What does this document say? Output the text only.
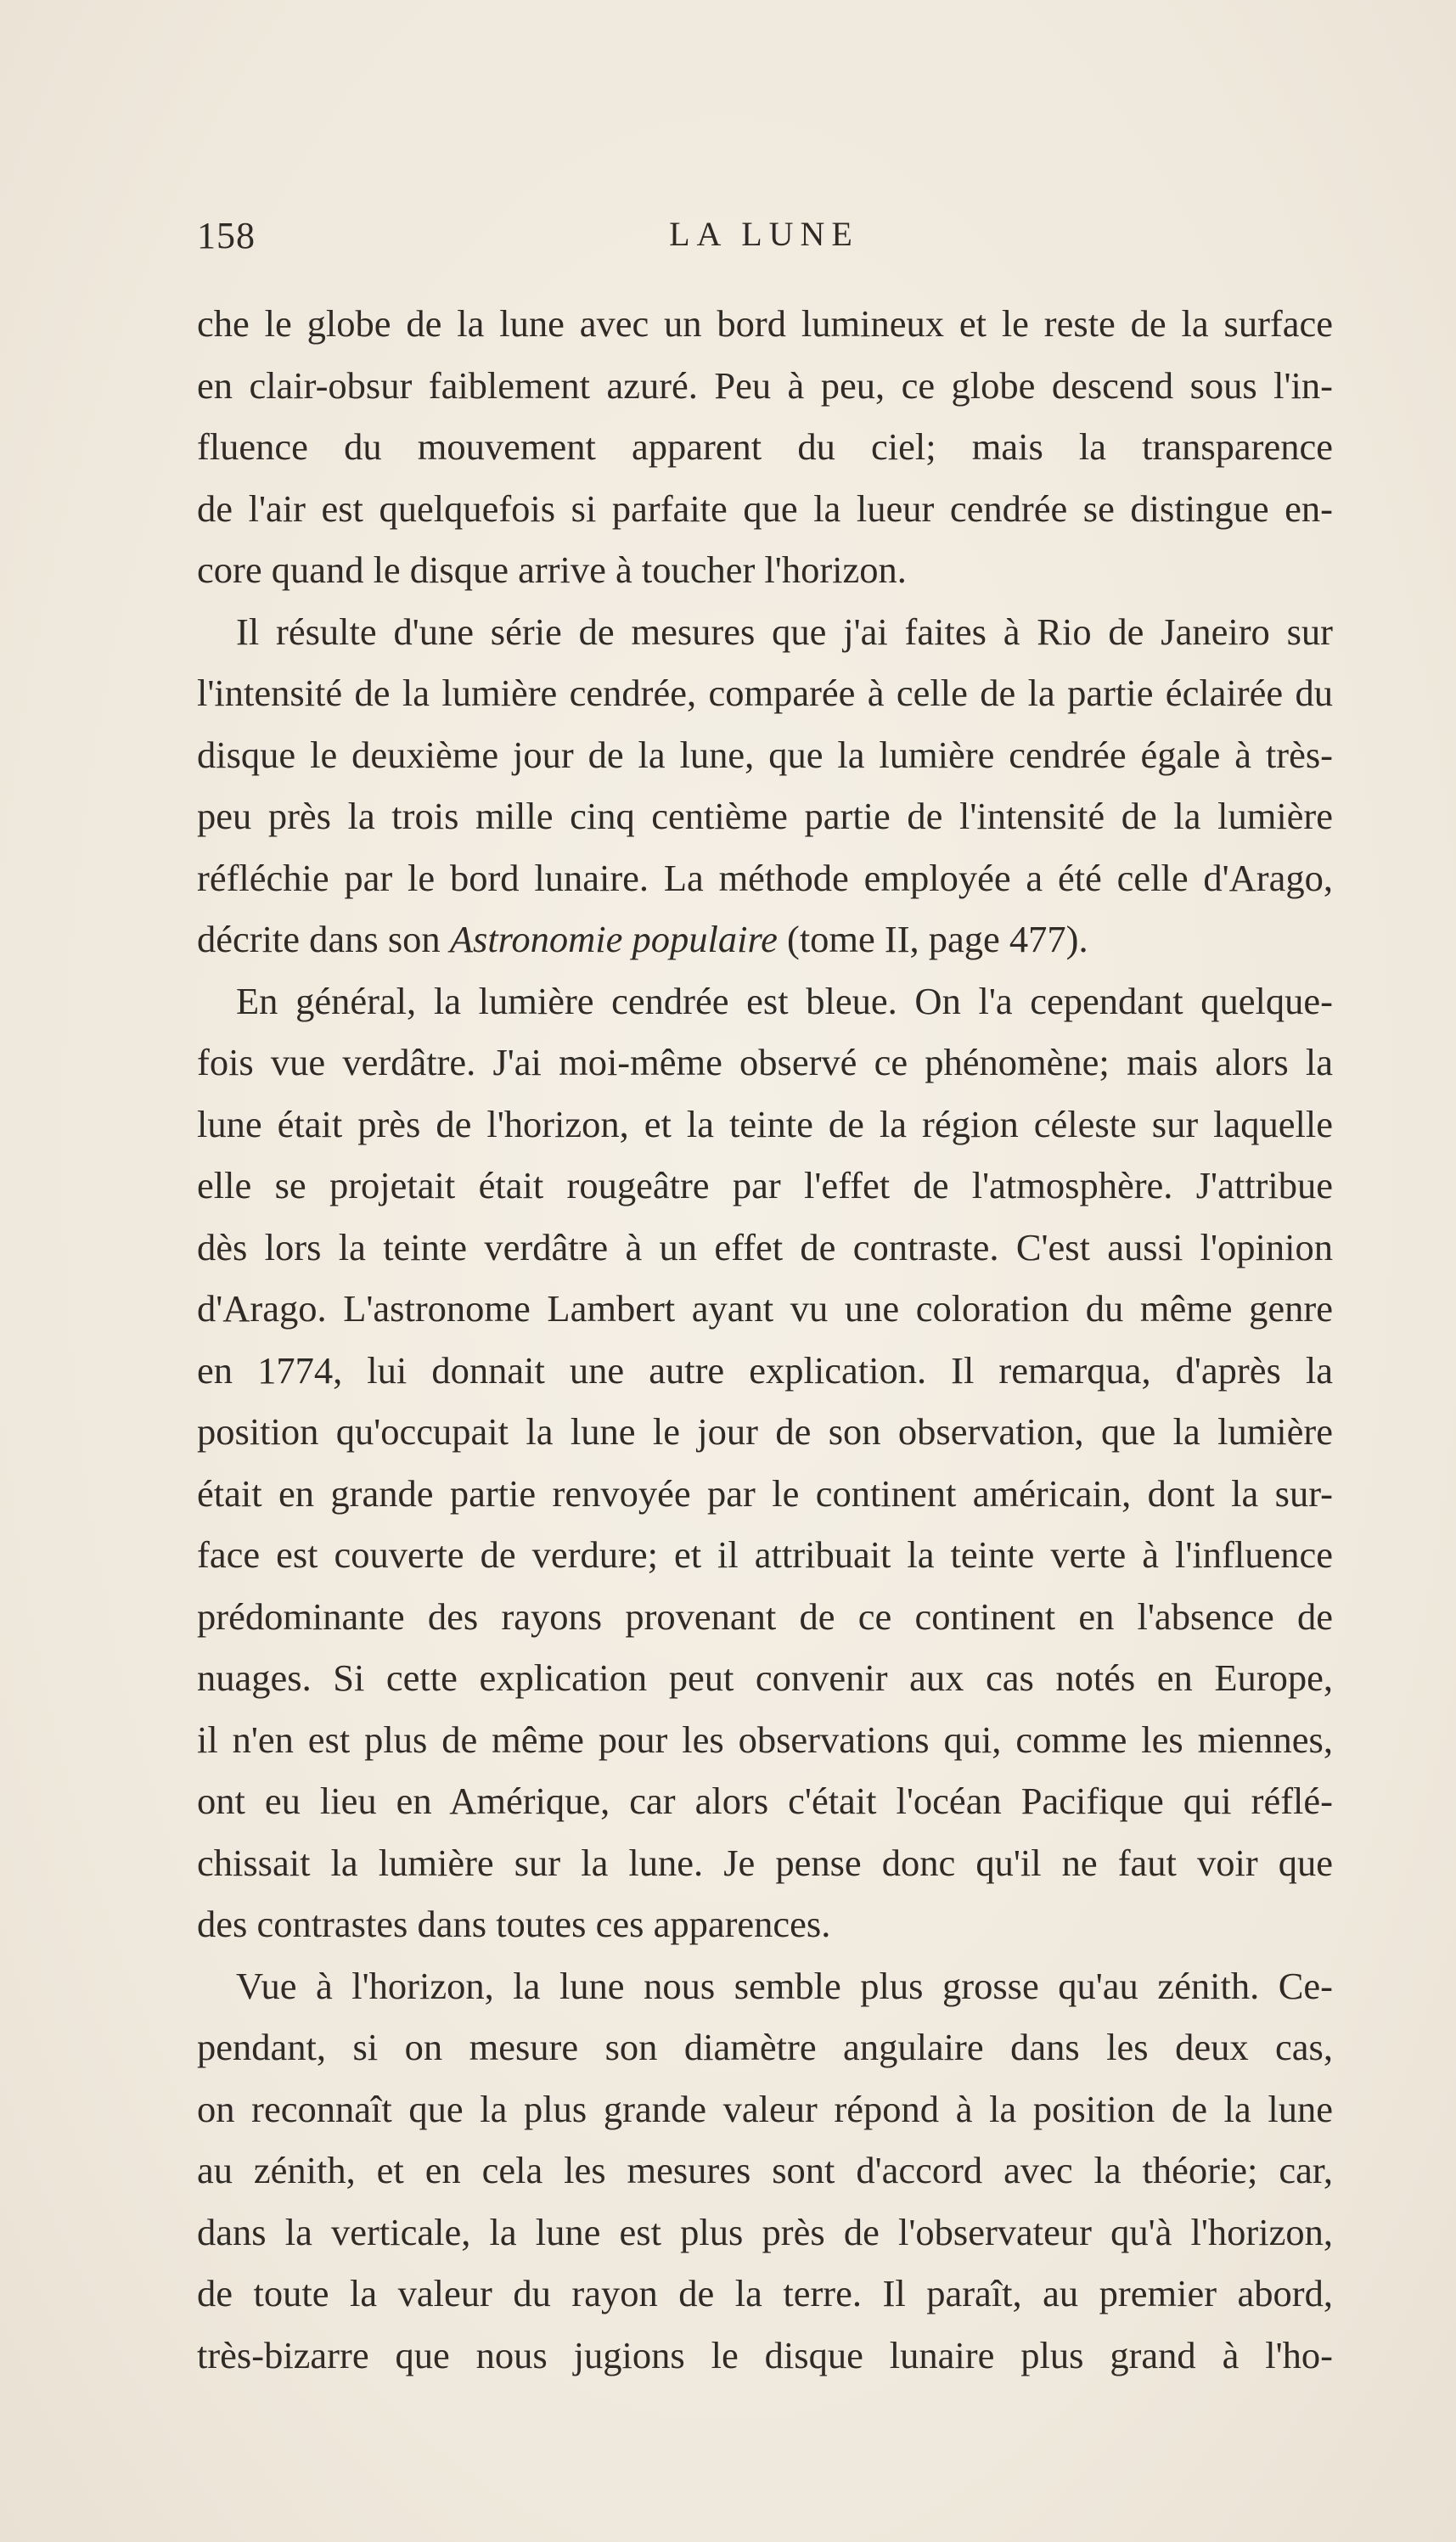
158	LA LUNE
che le globe de la lune avec un bord lumineux et le reste de la surface
en clair-obsur faiblement azuré. Peu à peu, ce globe descend sous l'in-
fluence du mouvement apparent du ciel; mais la transparence
de l'air est quelquefois si parfaite que la lueur cendrée se distingue en-
core quand le disque arrive à toucher l'horizon.
Il résulte d'une série de mesures que j'ai faites à Rio de Janeiro sur
l'intensité de la lumière cendrée, comparée à celle de la partie éclairée du
disque le deuxième jour de la lune, que la lumière cendrée égale à très-
peu près la trois mille cinq centième partie de l'intensité de la lumière
réfléchie par le bord lunaire. La méthode employée a été celle d'Arago,
décrite dans son Astronomie populaire (tome II, page 477).
En général, la lumière cendrée est bleue. On l'a cependant quelque-
fois vue verdâtre. J'ai moi-même observé ce phénomène; mais alors la
lune était près de l'horizon, et la teinte de la région céleste sur laquelle
elle se projetait était rougeâtre par l'effet de l'atmosphère. J'attribue
dès lors la teinte verdâtre à un effet de contraste. C'est aussi l'opinion
d'Arago. L'astronome Lambert ayant vu une coloration du même genre
en 1774, lui donnait une autre explication. Il remarqua, d'après la
position qu'occupait la lune le jour de son observation, que la lumière
était en grande partie renvoyée par le continent américain, dont la sur-
face est couverte de verdure; et il attribuait la teinte verte à l'influence
prédominante des rayons provenant de ce continent en l'absence de
nuages. Si cette explication peut convenir aux cas notés en Europe,
il n'en est plus de même pour les observations qui, comme les miennes,
ont eu lieu en Amérique, car alors c'était l'océan Pacifique qui réflé-
chissait la lumière sur la lune. Je pense donc qu'il ne faut voir que
des contrastes dans toutes ces apparences.
Vue à l'horizon, la lune nous semble plus grosse qu'au zénith. Ce-
pendant, si on mesure son diamètre angulaire dans les deux cas,
on reconnaît que la plus grande valeur répond à la position de la lune
au zénith, et en cela les mesures sont d'accord avec la théorie; car,
dans la verticale, la lune est plus près de l'observateur qu'à l'horizon,
de toute la valeur du rayon de la terre. Il paraît, au premier abord,
très-bizarre que nous jugions le disque lunaire plus grand à l'ho-
